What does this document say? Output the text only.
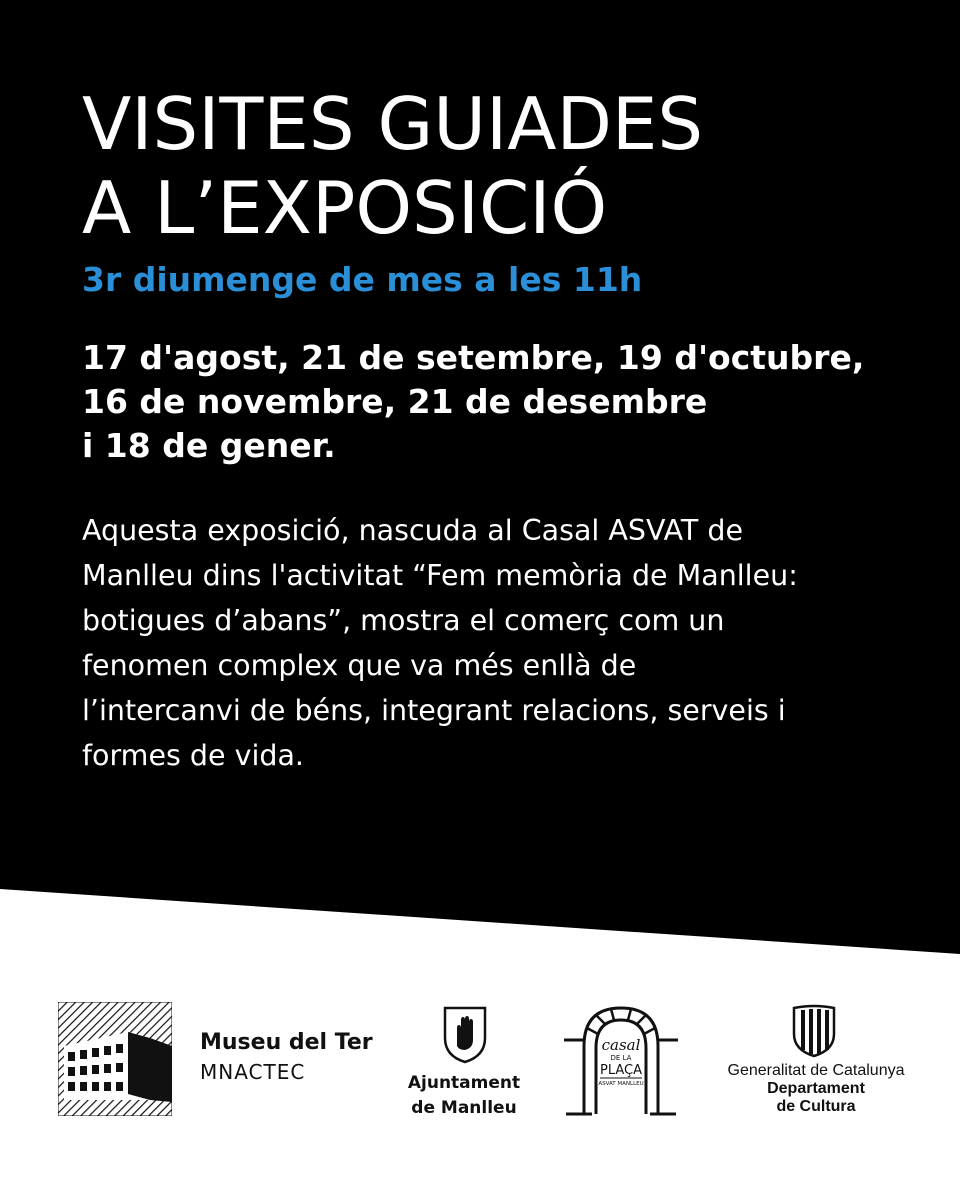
VISITES GUIADES
A L’EXPOSICIÓ

3r diumenge de mes a les 11h

17 d'agost, 21 de setembre, 19 d'octubre,
16 de novembre, 21 de desembre
i 18 de gener.

Aquesta exposició, nascuda al Casal ASVAT de
Manlleu dins l'activitat “Fem memòria de Manlleu:
botigues d’abans”, mostra el comerç com un
fenomen complex que va més enllà de
l’intercanvi de béns, integrant relacions, serveis i
formes de vida.

Museu del Ter
MNACTEC	Ajuntament
de Manlleu
casal
DE LA
PLAÇA
ASVAT MANLLEU
Generalitat de Catalunya
Departament
de Cultura
